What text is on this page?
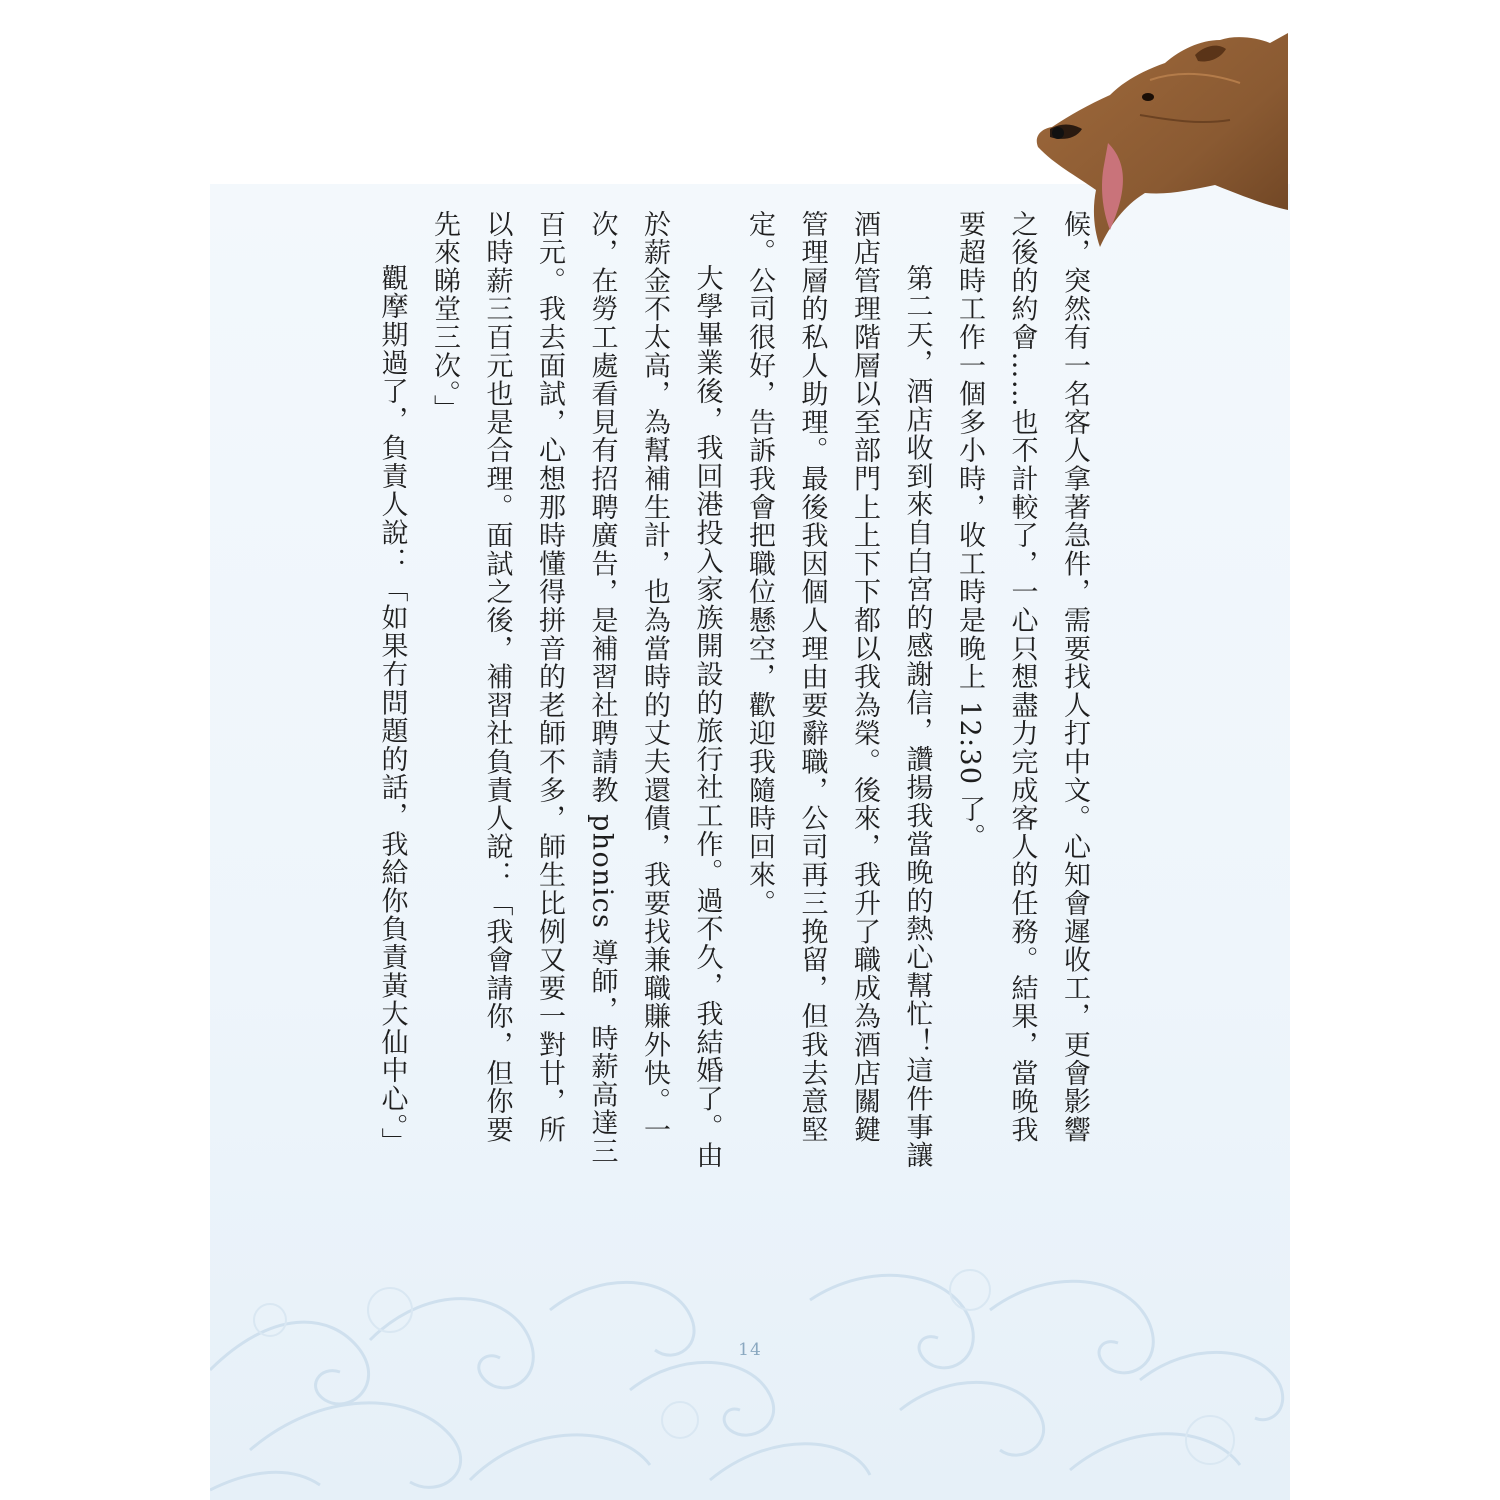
候，突然有一名客人拿著急件，需要找人打中文。心知會遲收工，更會影響之後的約會……也不計較了，一心只想盡力完成客人的任務。結果，當晚我要超時工作一個多小時，收工時是晚上 12:30 了。

第二天，酒店收到來自白宮的感謝信，讚揚我當晚的熱心幫忙！這件事讓酒店管理階層以至部門上上下下都以我為榮。後來，我升了職成為酒店關鍵管理層的私人助理。最後我因個人理由要辭職，公司再三挽留，但我去意堅定。公司很好，告訴我會把職位懸空，歡迎我隨時回來。

大學畢業後，我回港投入家族開設的旅行社工作。過不久，我結婚了。由於薪金不太高，為幫補生計，也為當時的丈夫還債，我要找兼職賺外快。一次，在勞工處看見有招聘廣告，是補習社聘請教 phonics 導師，時薪高達三百元。我去面試，心想那時懂得拼音的老師不多，師生比例又要一對廿，所以時薪三百元也是合理。面試之後，補習社負責人說：「我會請你，但你要先來睇堂三次。」

觀摩期過了，負責人說：「如果冇問題的話，我給你負責黃大仙中心。」

14
